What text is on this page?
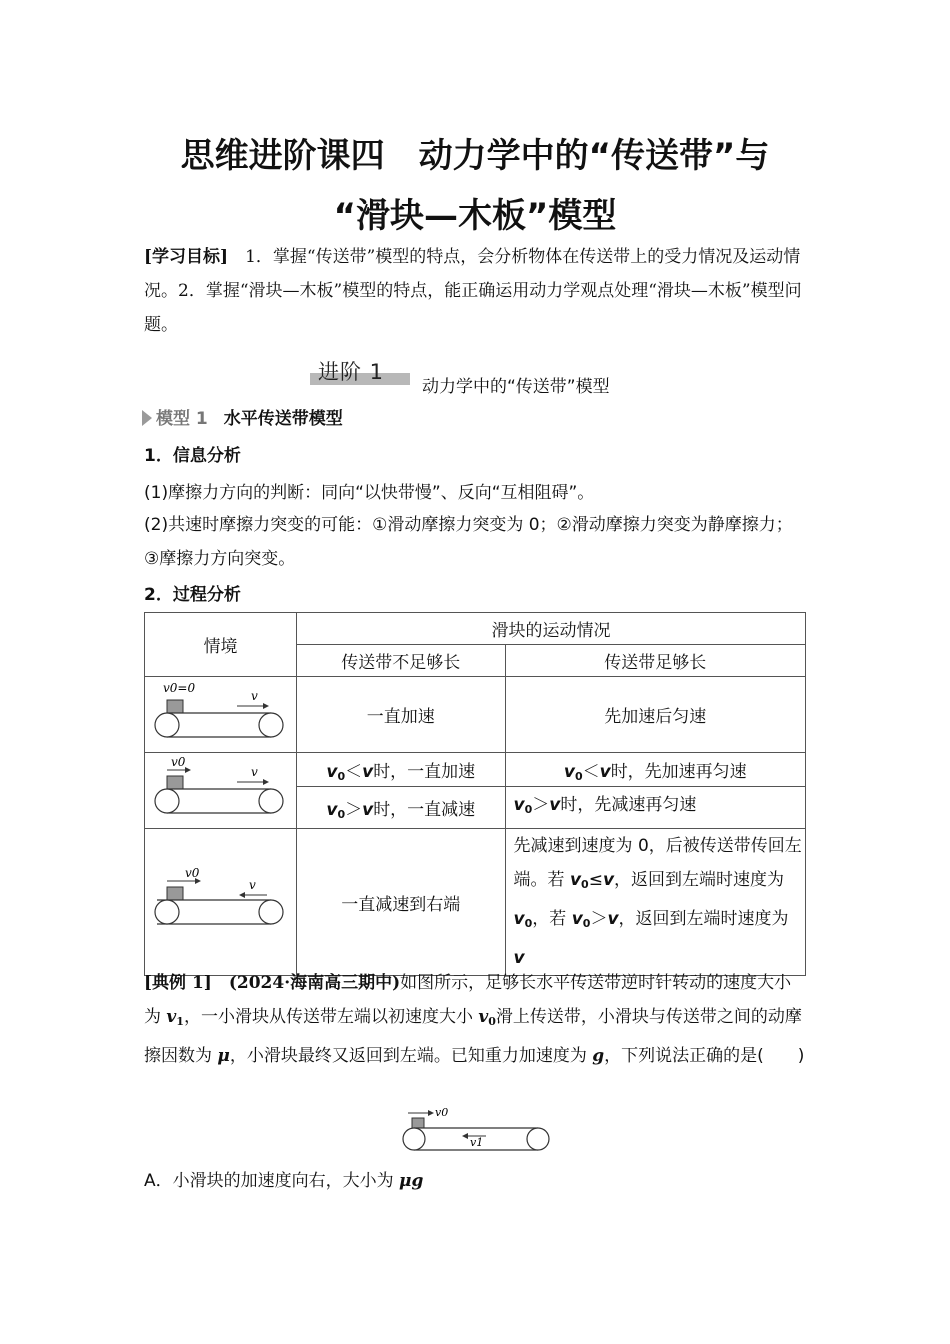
思维进阶课四　动力学中的“传送带”与
“滑块—木板”模型
[学习目标]　1．掌握“传送带”模型的特点，会分析物体在传送带上的受力情况及运动情况。2．掌握“滑块—木板”模型的特点，能正确运用动力学观点处理“滑块—木板”模型问题。
进阶 1
动力学中的“传送带”模型
模型 1 水平传送带模型
1．信息分析
(1)摩擦力方向的判断：同向“以快带慢”、反向“互相阻碍”。
(2)共速时摩擦力突变的可能：①滑动摩擦力突变为 0；②滑动摩擦力突变为静摩擦力；③摩擦力方向突变。
2．过程分析
情境	滑块的运动情况	
	传送带不足够长	传送带足够长

v0=0
v	一直加速	先加速后匀速

v0
v	$v_0<v$时，一直加速	$v_0<v$时，先加速再匀速
	$v_0>v$时，一直减速	$v_0>v$时，先减速再匀速

v0
v	一直减速到右端	先减速到速度为 0，后被传送带传回左端。若 $v_0\le v$，返回到左端时速度为 $v_0$，若 $v_0>v$，返回到左端时速度为 v
[典例 1]　(2024·海南高三期中)如图所示，足够长水平传送带逆时针转动的速度大小为 $v_1$，一小滑块从传送带左端以初速度大小 $v_0$滑上传送带，小滑块与传送带之间的动摩擦因数为 μ，小滑块最终又返回到左端。已知重力加速度为 g，下列说法正确的是(　　)
v0
v1
A．小滑块的加速度向右，大小为 μg
